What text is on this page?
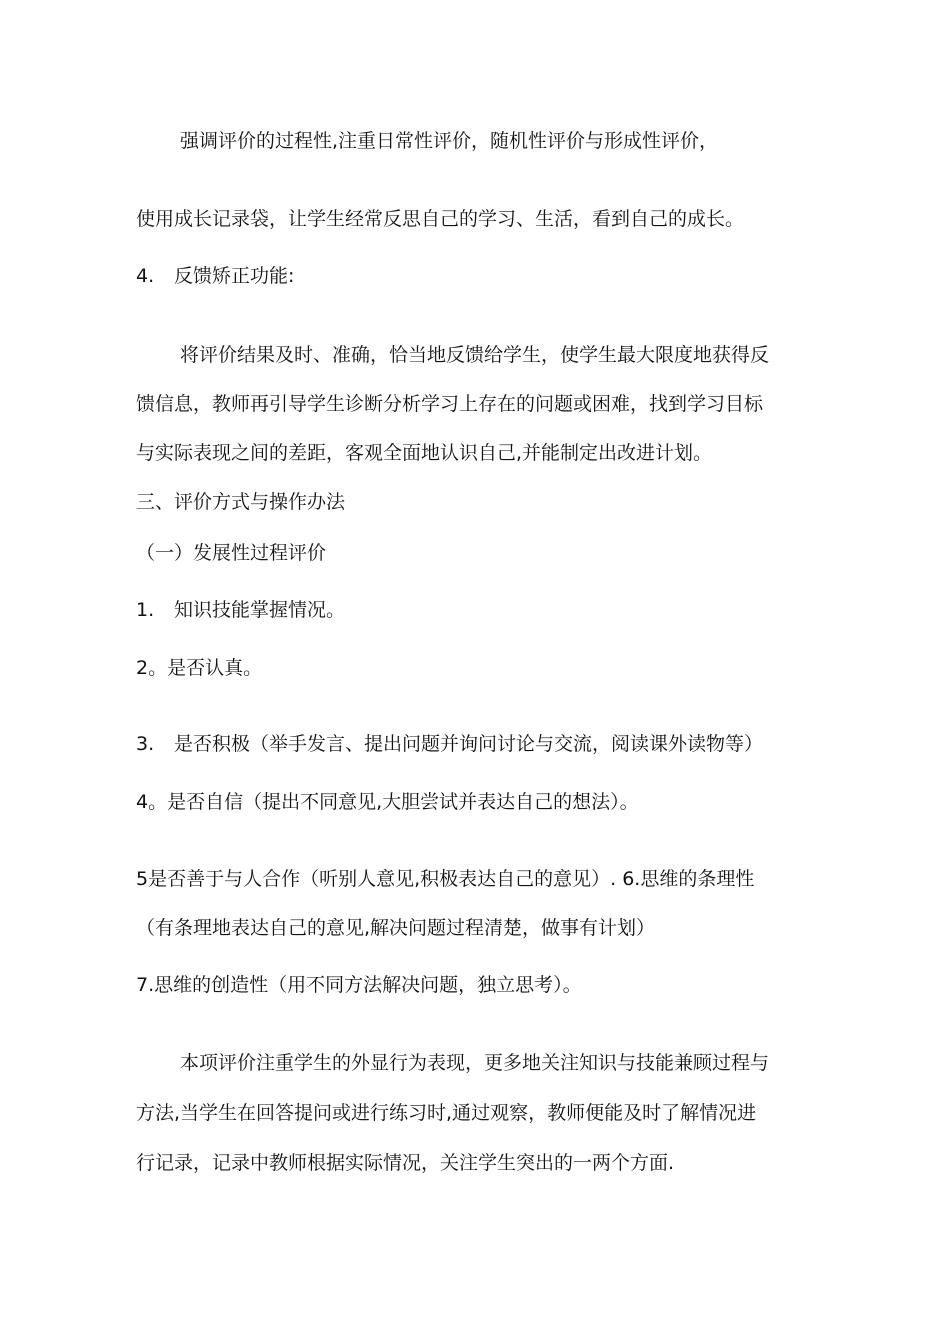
强调评价的过程性,注重日常性评价，随机性评价与形成性评价，
使用成长记录袋，让学生经常反思自己的学习、生活，看到自己的成长。
4. 反馈矫正功能:
将评价结果及时、准确，恰当地反馈给学生，使学生最大限度地获得反
馈信息，教师再引导学生诊断分析学习上存在的问题或困难，找到学习目标
与实际表现之间的差距，客观全面地认识自己,并能制定出改进计划。
三、评价方式与操作办法
（一）发展性过程评价
1. 知识技能掌握情况。
2。是否认真。
3. 是否积极（举手发言、提出问题并询问讨论与交流，阅读课外读物等）
4。是否自信（提出不同意见,大胆尝试并表达自己的想法）。
5是否善于与人合作（听别人意见,积极表达自己的意见）. 6.思维的条理性
（有条理地表达自己的意见,解决问题过程清楚，做事有计划）
7.思维的创造性（用不同方法解决问题，独立思考）。
本项评价注重学生的外显行为表现，更多地关注知识与技能兼顾过程与
方法,当学生在回答提问或进行练习时,通过观察，教师便能及时了解情况进
行记录，记录中教师根据实际情况，关注学生突出的一两个方面.
